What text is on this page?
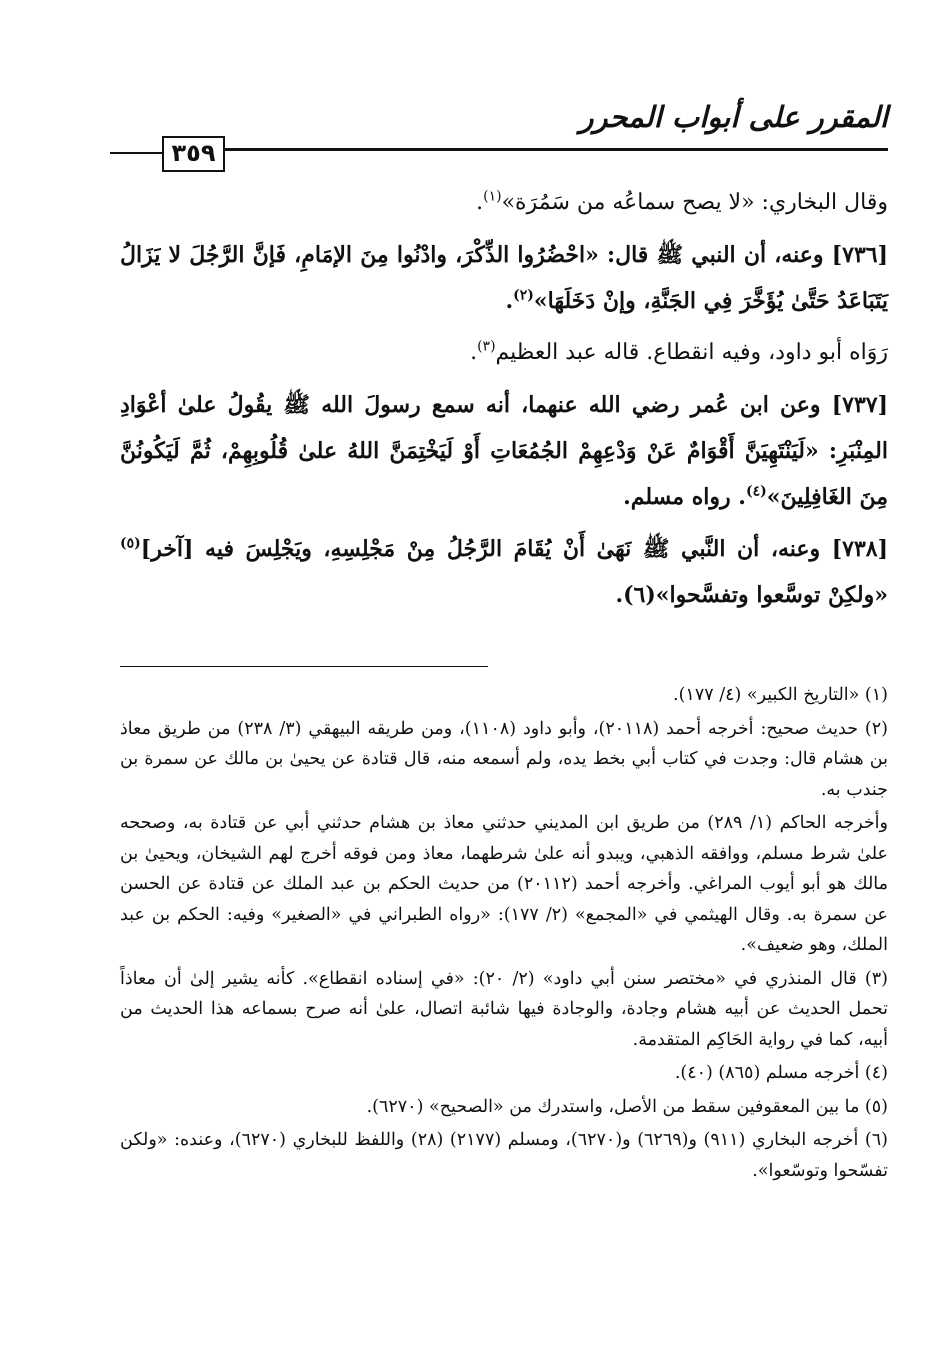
المقرر على أبواب المحرر
٣٥٩

وقال البخاري: «لا يصح سماعُه من سَمُرَة»$^{(١)}$.

[٧٣٦] وعنه، أن النبي ﷺ قال: «احْضُرُوا الذِّكْرَ، وادْنُوا مِنَ الإمَامِ، فَإنَّ الرَّجُلَ لا يَزَالُ يَتَبَاعَدُ حَتَّىٰ يُؤَخَّرَ فِي الجَنَّةِ، وإنْ دَخَلَهَا»$^{(٢)}$.

رَوَاه أبو داود، وفيه انقطاع. قاله عبد العظيم$^{(٣)}$.

[٧٣٧] وعن ابن عُمر رضي الله عنهما، أنه سمع رسولَ الله ﷺ يقُولُ علىٰ أعْوَادِ المِنْبَرِ: «لَيَنْتَهِيَنَّ أَقْوَامٌ عَنْ وَدْعِهِمْ الجُمُعَاتِ أَوْ لَيَخْتِمَنَّ اللهُ علىٰ قُلُوبِهِمْ، ثُمَّ لَيَكُونُنَّ مِنَ الغَافِلِينَ»$^{(٤)}$. رواه مسلم.

[٧٣٨] وعنه، أن النَّبي ﷺ نَهَىٰ أَنْ يُقَامَ الرَّجُلُ مِنْ مَجْلِسِهِ، ويَجْلِسَ فيه [آخر]$^{(٥)}$ «ولكِنْ توسَّعوا وتفسَّحوا»(٦).

(١) «التاريخ الكبير» (٤/ ١٧٧).

(٢) حديث صحيح: أخرجه أحمد (٢٠١١٨)، وأبو داود (١١٠٨)، ومن طريقه البيهقي (٣/ ٢٣٨) من طريق معاذ بن هشام قال: وجدت في كتاب أبي بخط يده، ولم أسمعه منه، قال قتادة عن يحيىٰ بن مالك عن سمرة بن جندب به.

وأخرجه الحاكم (١/ ٢٨٩) من طريق ابن المديني حدثني معاذ بن هشام حدثني أبي عن قتادة به، وصححه علىٰ شرط مسلم، ووافقه الذهبي، ويبدو أنه علىٰ شرطهما، معاذ ومن فوقه أخرج لهم الشيخان، ويحيىٰ بن مالك هو أبو أيوب المراغي. وأخرجه أحمد (٢٠١١٢) من حديث الحكم بن عبد الملك عن قتادة عن الحسن عن سمرة به. وقال الهيثمي في «المجمع» (٢/ ١٧٧): «رواه الطبراني في «الصغير» وفيه: الحكم بن عبد الملك، وهو ضعيف».

(٣) قال المنذري في «مختصر سنن أبي داود» (٢/ ٢٠): «في إسناده انقطاع». كأنه يشير إلىٰ أن معاذاً تحمل الحديث عن أبيه هشام وجادة، والوجادة فيها شائبة اتصال، علىٰ أنه صرح بسماعه هذا الحديث من أبيه، كما في رواية الحَاكِم المتقدمة.

(٤) أخرجه مسلم (٨٦٥) (٤٠).

(٥) ما بين المعقوفين سقط من الأصل، واستدرك من «الصحيح» (٦٢٧٠).

(٦) أخرجه البخاري (٩١١) و(٦٢٦٩) و(٦٢٧٠)، ومسلم (٢١٧٧) (٢٨) واللفظ للبخاري (٦٢٧٠)، وعنده: «ولكن تفسّحوا وتوسّعوا».
